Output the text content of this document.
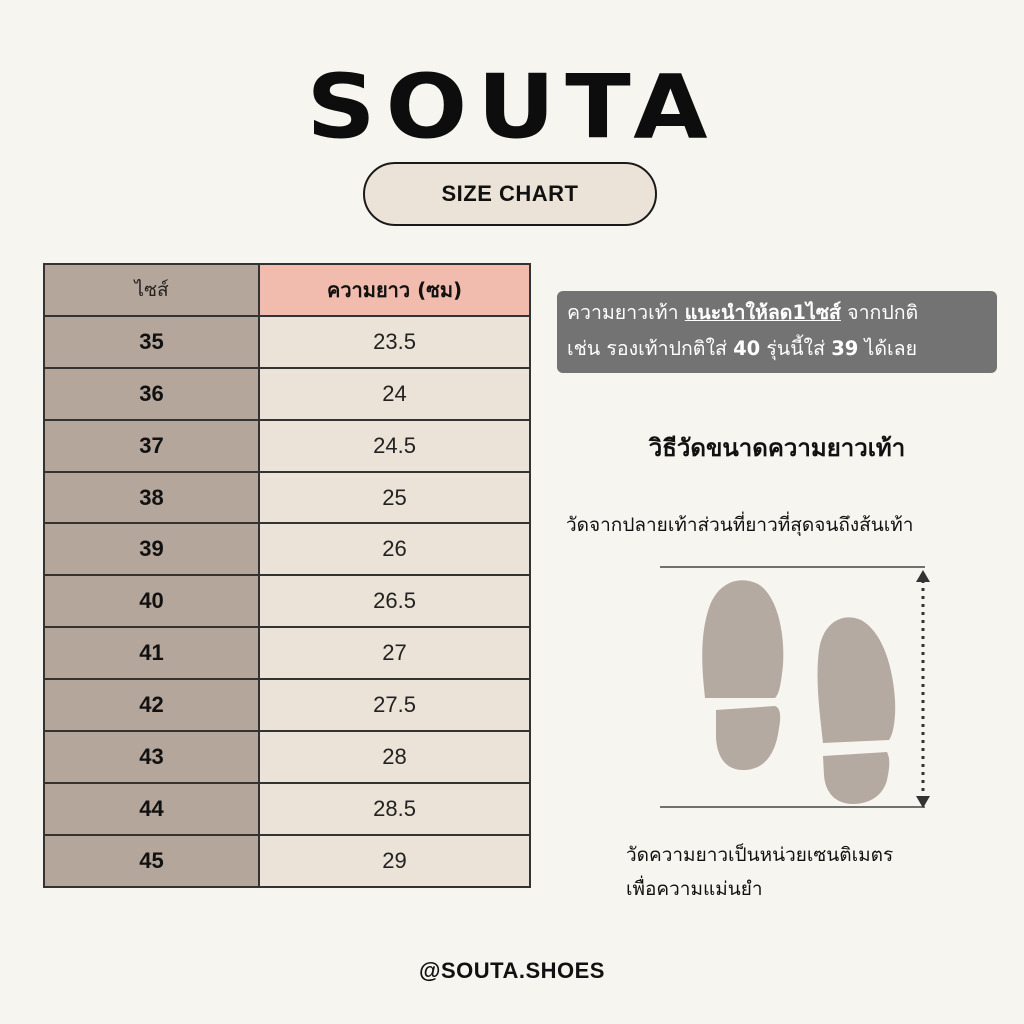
SOUTA
SIZE CHART
ไซส์	ความยาว (ซม)
35	23.5
36	24
37	24.5
38	25
39	26
40	26.5
41	27
42	27.5
43	28
44	28.5
45	29
ความยาวเท้า แนะนำให้ลด1ไซส์ จากปกติ
เช่น รองเท้าปกติใส่ 40 รุ่นนี้ใส่ 39 ได้เลย
วิธีวัดขนาดความยาวเท้า
วัดจากปลายเท้าส่วนที่ยาวที่สุดจนถึงส้นเท้า
วัดความยาวเป็นหน่วยเซนติเมตร
เพื่อความแม่นยำ
@SOUTA.SHOES
